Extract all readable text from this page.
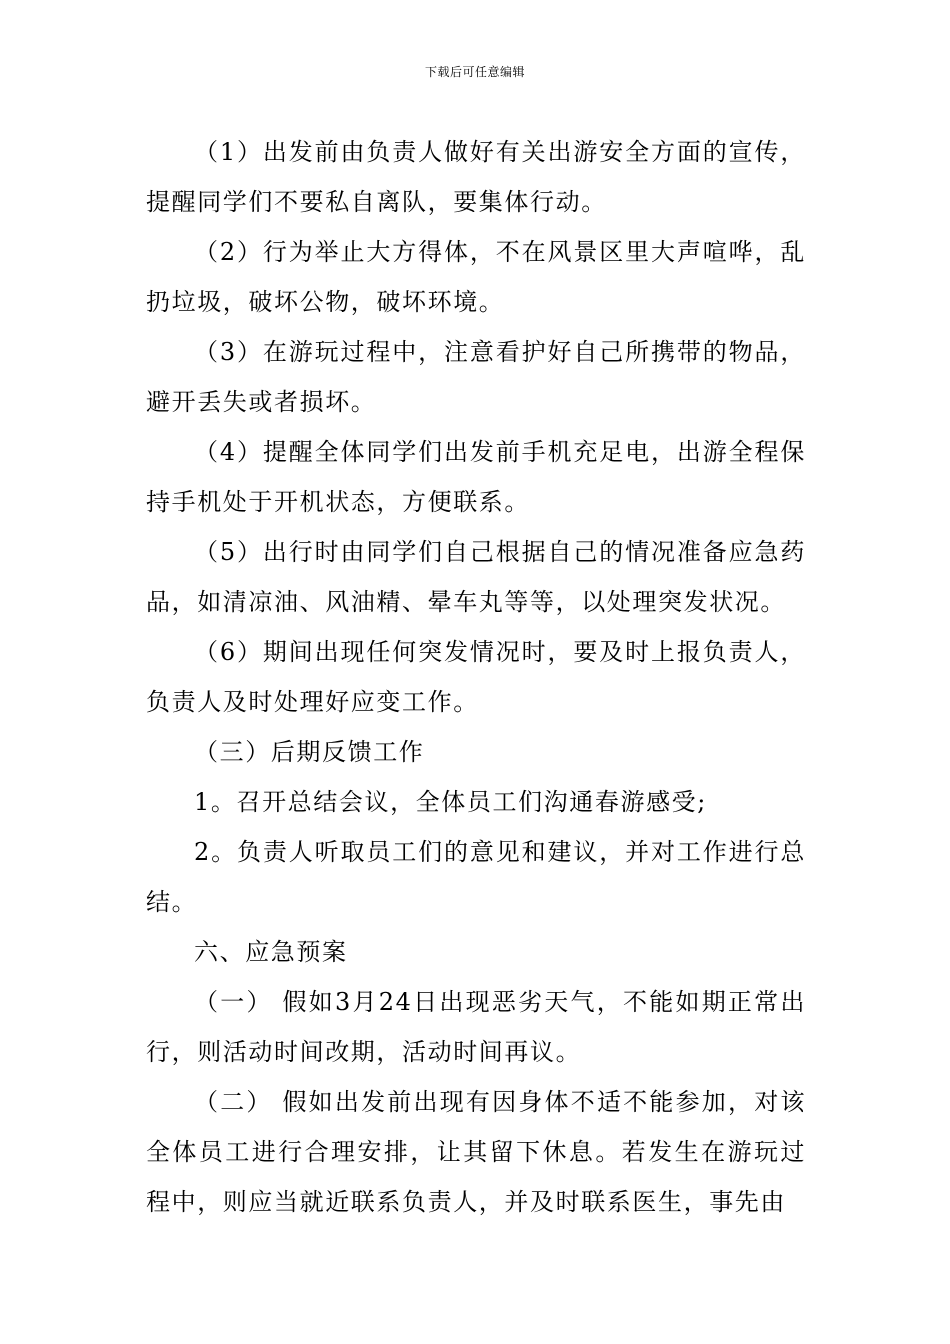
下载后可任意编辑

（1）出发前由负责人做好有关出游安全方面的宣传，提醒同学们不要私自离队，要集体行动。

（2）行为举止大方得体，不在风景区里大声喧哗，乱扔垃圾，破坏公物，破坏环境。

（3）在游玩过程中，注意看护好自己所携带的物品，避开丢失或者损坏。

（4）提醒全体同学们出发前手机充足电，出游全程保持手机处于开机状态，方便联系。

（5）出行时由同学们自己根据自己的情况准备应急药品，如清凉油、风油精、晕车丸等等，以处理突发状况。

（6）期间出现任何突发情况时，要及时上报负责人，负责人及时处理好应变工作。

（三）后期反馈工作

1。召开总结会议，全体员工们沟通春游感受;

2。负责人听取员工们的意见和建议，并对工作进行总结。

六、应急预案

（一） 假如3月24日出现恶劣天气，不能如期正常出行，则活动时间改期，活动时间再议。

（二） 假如出发前出现有因身体不适不能参加，对该全体员工进行合理安排，让其留下休息。若发生在游玩过程中，则应当就近联系负责人，并及时联系医生，事先由
